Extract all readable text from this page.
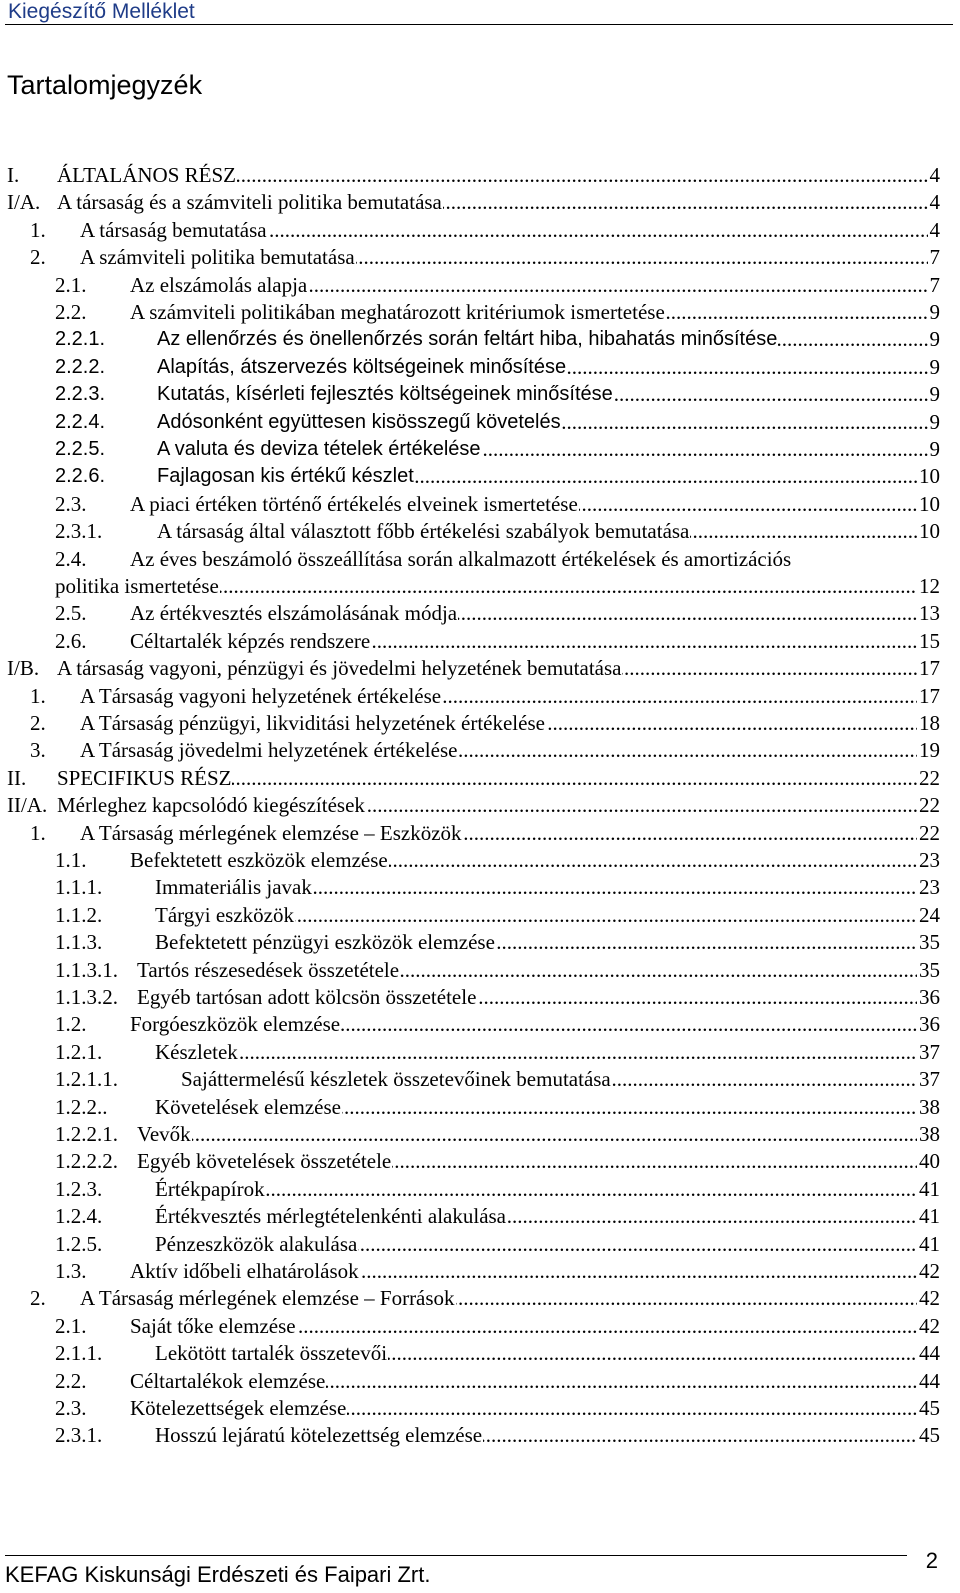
Kiegészítő Melléklet
Tartalomjegyzék
I. ..... ÁLTALÁNOS RÉSZ	4
I/A. ..... A társaság és a számviteli politika bemutatása	4
1. ..... A társaság bemutatása	4
2. ..... A számviteli politika bemutatása	7
2.1. ..... Az elszámolás alapja	7
2.2. ..... A számviteli politikában meghatározott kritériumok ismertetése	9
2.2.1. .....	Az ellenőrzés és önellenőrzés során feltárt hiba, hibahatás minősítése	9
2.2.2. .....	Alapítás, átszervezés költségeinek minősítése	9
2.2.3. .....	Kutatás, kísérleti fejlesztés költségeinek minősítése	9
2.2.4. .....	Adósonként együttesen kisösszegű követelés	9
2.2.5. .....	A valuta és deviza tételek értékelése	9
2.2.6. .....	Fajlagosan kis értékű készlet	10
2.3. ..... A piaci értéken történő értékelés elveinek ismertetése	10
2.3.1. .....	A társaság által választott főbb értékelési szabályok bemutatása	10
2.4. Az éves beszámoló összeállítása során alkalmazott értékelések és amortizációs
.....
politika ismertetése	12
2.5. ..... Az értékvesztés elszámolásának módja	13
2.6. ..... Céltartalék képzés rendszere	15
I/B. ..... A társaság vagyoni, pénzügyi és jövedelmi helyzetének bemutatása	17
1. ..... A Társaság vagyoni helyzetének értékelése	17
2. ..... A Társaság pénzügyi, likviditási helyzetének értékelése	18
3. ..... A Társaság jövedelmi helyzetének értékelése	19
II. ..... SPECIFIKUS RÉSZ	22
II/A. ..... Mérleghez kapcsolódó kiegészítések	22
1. ..... A Társaság mérlegének elemzése – Eszközök	22
1.1. ..... Befektetett eszközök elemzése	23
1.1.1. .....	Immateriális javak	23
1.1.2. .....	Tárgyi eszközök	24
1.1.3. .....	Befektetett pénzügyi eszközök elemzése	35
1.1.3.1. ..... Tartós részesedések összetétele	35
1.1.3.2. ..... Egyéb tartósan adott kölcsön összetétele	36
1.2. ..... Forgóeszközök elemzése	36
1.2.1. .....	Készletek	37
1.2.1.1. .....	Sajáttermelésű készletek összetevőinek bemutatása	37
1.2.2.. ..... Követelések elemzése	38
1.2.2.1. ..... Vevők	38
1.2.2.2. ..... Egyéb követelések összetétele	40
1.2.3. .....	Értékpapírok	41
1.2.4. .....	Értékvesztés mérlegtételenkénti alakulása	41
1.2.5. .....	Pénzeszközök alakulása	41
1.3. ..... Aktív időbeli elhatárolások	42
2. ..... A Társaság mérlegének elemzése – Források	42
2.1. ..... Saját tőke elemzése	42
2.1.1. .....	Lekötött tartalék összetevői	44
2.2. ..... Céltartalékok elemzése	44
2.3. ..... Kötelezettségek elemzése	45
2.3.1. .....	Hosszú lejáratú kötelezettség elemzése	45
KEFAG Kiskunsági Erdészeti és Faipari Zrt.
2
